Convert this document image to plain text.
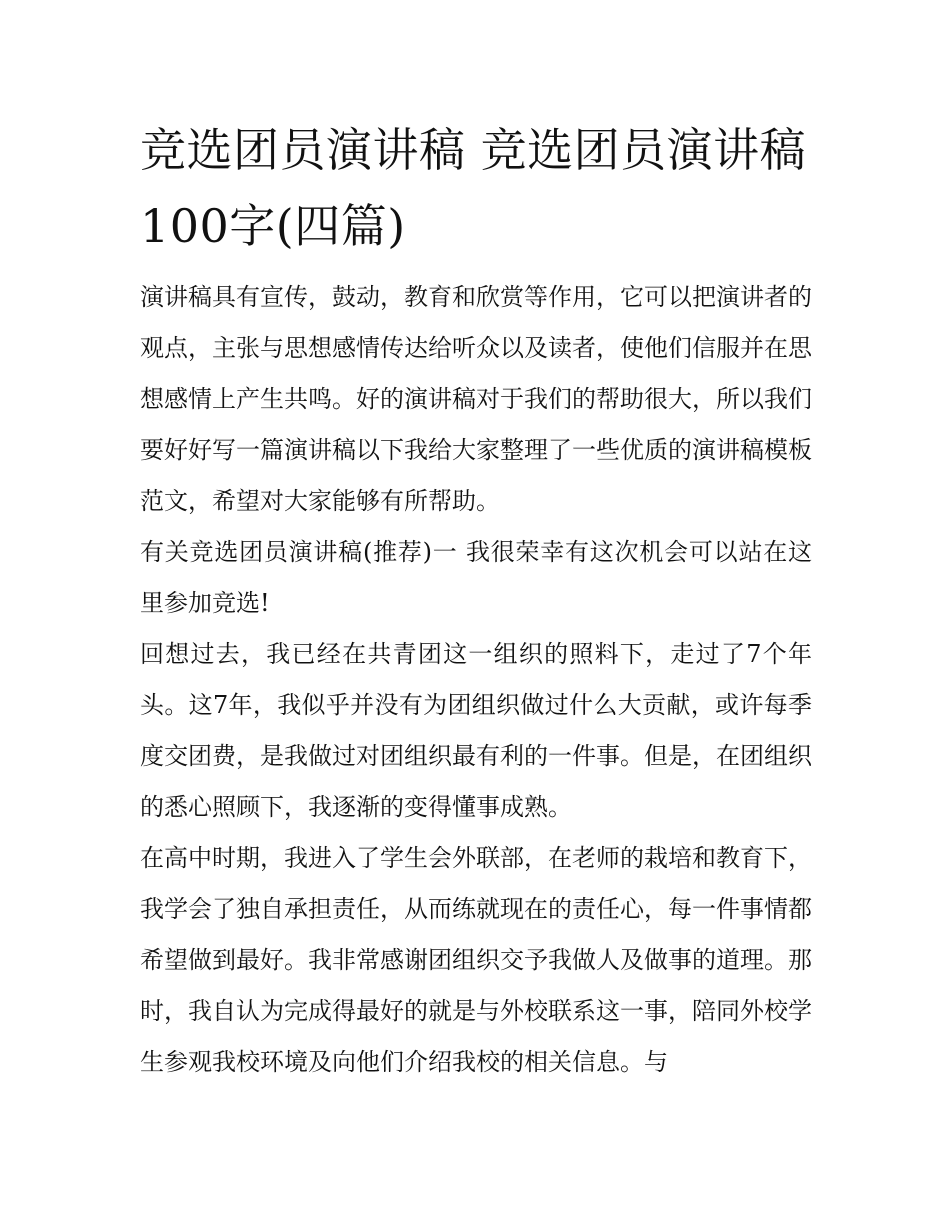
竞选团员演讲稿 竞选团员演讲稿100字(四篇)

演讲稿具有宣传，鼓动，教育和欣赏等作用，它可以把演讲者的观点，主张与思想感情传达给听众以及读者，使他们信服并在思想感情上产生共鸣。好的演讲稿对于我们的帮助很大，所以我们要好好写一篇演讲稿以下我给大家整理了一些优质的演讲稿模板范文，希望对大家能够有所帮助。

有关竞选团员演讲稿(推荐)一 我很荣幸有这次机会可以站在这里参加竞选!

回想过去，我已经在共青团这一组织的照料下，走过了7个年头。这7年，我似乎并没有为团组织做过什么大贡献，或许每季度交团费，是我做过对团组织最有利的一件事。但是，在团组织的悉心照顾下，我逐渐的变得懂事成熟。

在高中时期，我进入了学生会外联部，在老师的栽培和教育下，我学会了独自承担责任，从而练就现在的责任心，每一件事情都希望做到最好。我非常感谢团组织交予我做人及做事的道理。那时，我自认为完成得最好的就是与外校联系这一事，陪同外校学生参观我校环境及向他们介绍我校的相关信息。与
